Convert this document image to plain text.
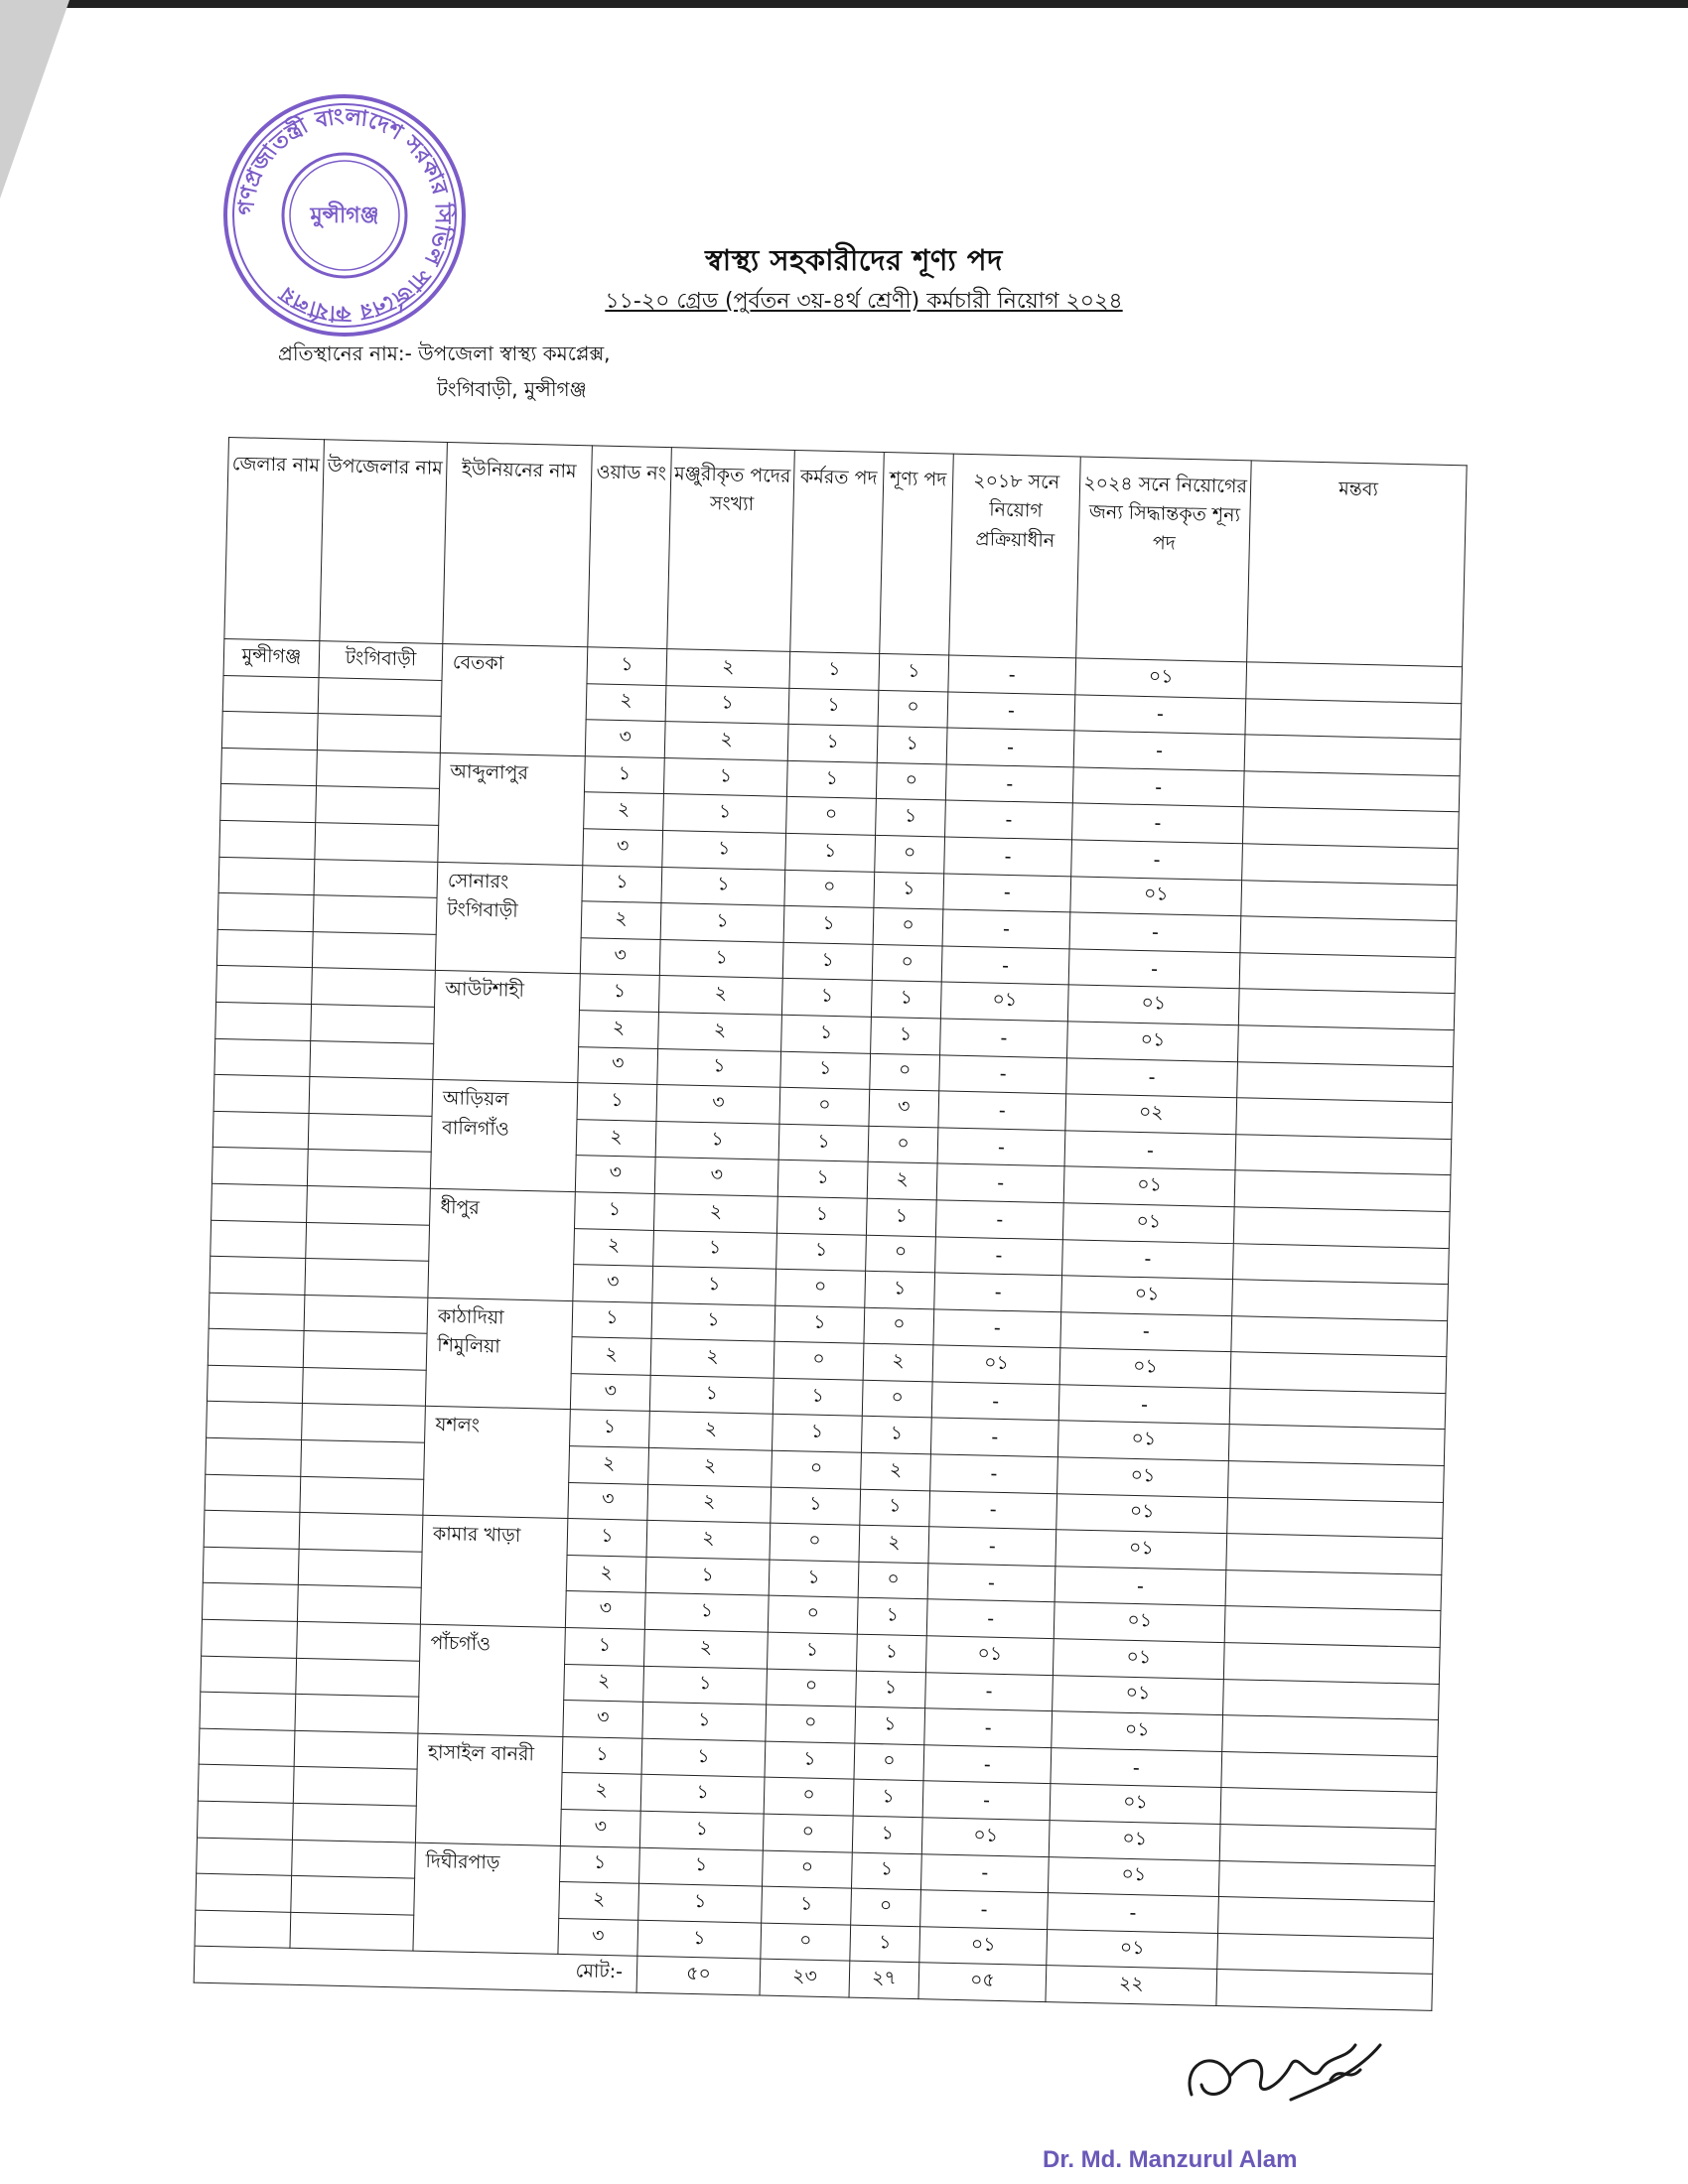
গণপ্রজাতন্ত্রী বাংলাদেশ সরকার সিভিল সার্জনের কার্যালয়
মুন্সীগঞ্জ
স্বাস্থ্য সহকারীদের শূণ্য পদ
১১-২০ গ্রেড (পুর্বতন ৩য়-৪র্থ শ্রেণী) কর্মচারী নিয়োগ ২০২৪
প্রতিস্থানের নাম:- উপজেলা স্বাস্থ্য কমপ্লেক্স,
টংগিবাড়ী, মুন্সীগঞ্জ
জেলার নাম	উপজেলার নাম	ইউনিয়নের নাম	ওয়াড নং	মঞ্জুরীকৃত পদের সংখ্যা	কর্মরত পদ	শূণ্য পদ	২০১৮ সনে নিয়োগ প্রক্রিয়াধীন	২০২৪ সনে নিয়োগের জন্য সিদ্ধান্তকৃত শূন্য পদ	মন্তব্য
মুন্সীগঞ্জ	টংগিবাড়ী	বেতকা	১	২	১	১	-	০১	
			২	১	১	০	-	-	
			৩	২	১	১	-	-	
		আব্দুলাপুর	১	১	১	০	-	-	
			২	১	০	১	-	-	
			৩	১	১	০	-	-	
		সোনারং টংগিবাড়ী	১	১	০	১	-	০১	
			২	১	১	০	-	-	
			৩	১	১	০	-	-	
		আউটশাহী	১	২	১	১	০১	০১	
			২	২	১	১	-	০১	
			৩	১	১	০	-	-	
		আড়িয়ল বালিগাঁও	১	৩	০	৩	-	০২	
			২	১	১	০	-	-	
			৩	৩	১	২	-	০১	
		ধীপুর	১	২	১	১	-	০১	
			২	১	১	০	-	-	
			৩	১	০	১	-	০১	
		কাঠাদিয়া শিমুলিয়া	১	১	১	০	-	-	
			২	২	০	২	০১	০১	
			৩	১	১	০	-	-	
		যশলং	১	২	১	১	-	০১	
			২	২	০	২	-	০১	
			৩	২	১	১	-	০১	
		কামার খাড়া	১	২	০	২	-	০১	
			২	১	১	০	-	-	
			৩	১	০	১	-	০১	
		পাঁচগাঁও	১	২	১	১	০১	০১	
			২	১	০	১	-	০১	
			৩	১	০	১	-	০১	
		হাসাইল বানরী	১	১	১	০	-	-	
			২	১	০	১	-	০১	
			৩	১	০	১	০১	০১	
		দিঘীরপাড়	১	১	০	১	-	০১	
			২	১	১	০	-	-	
			৩	১	০	১	০১	০১	
মোট:-				৫০	২৩	২৭	০৫	২২	
Dr. Md. Manzurul Alam
